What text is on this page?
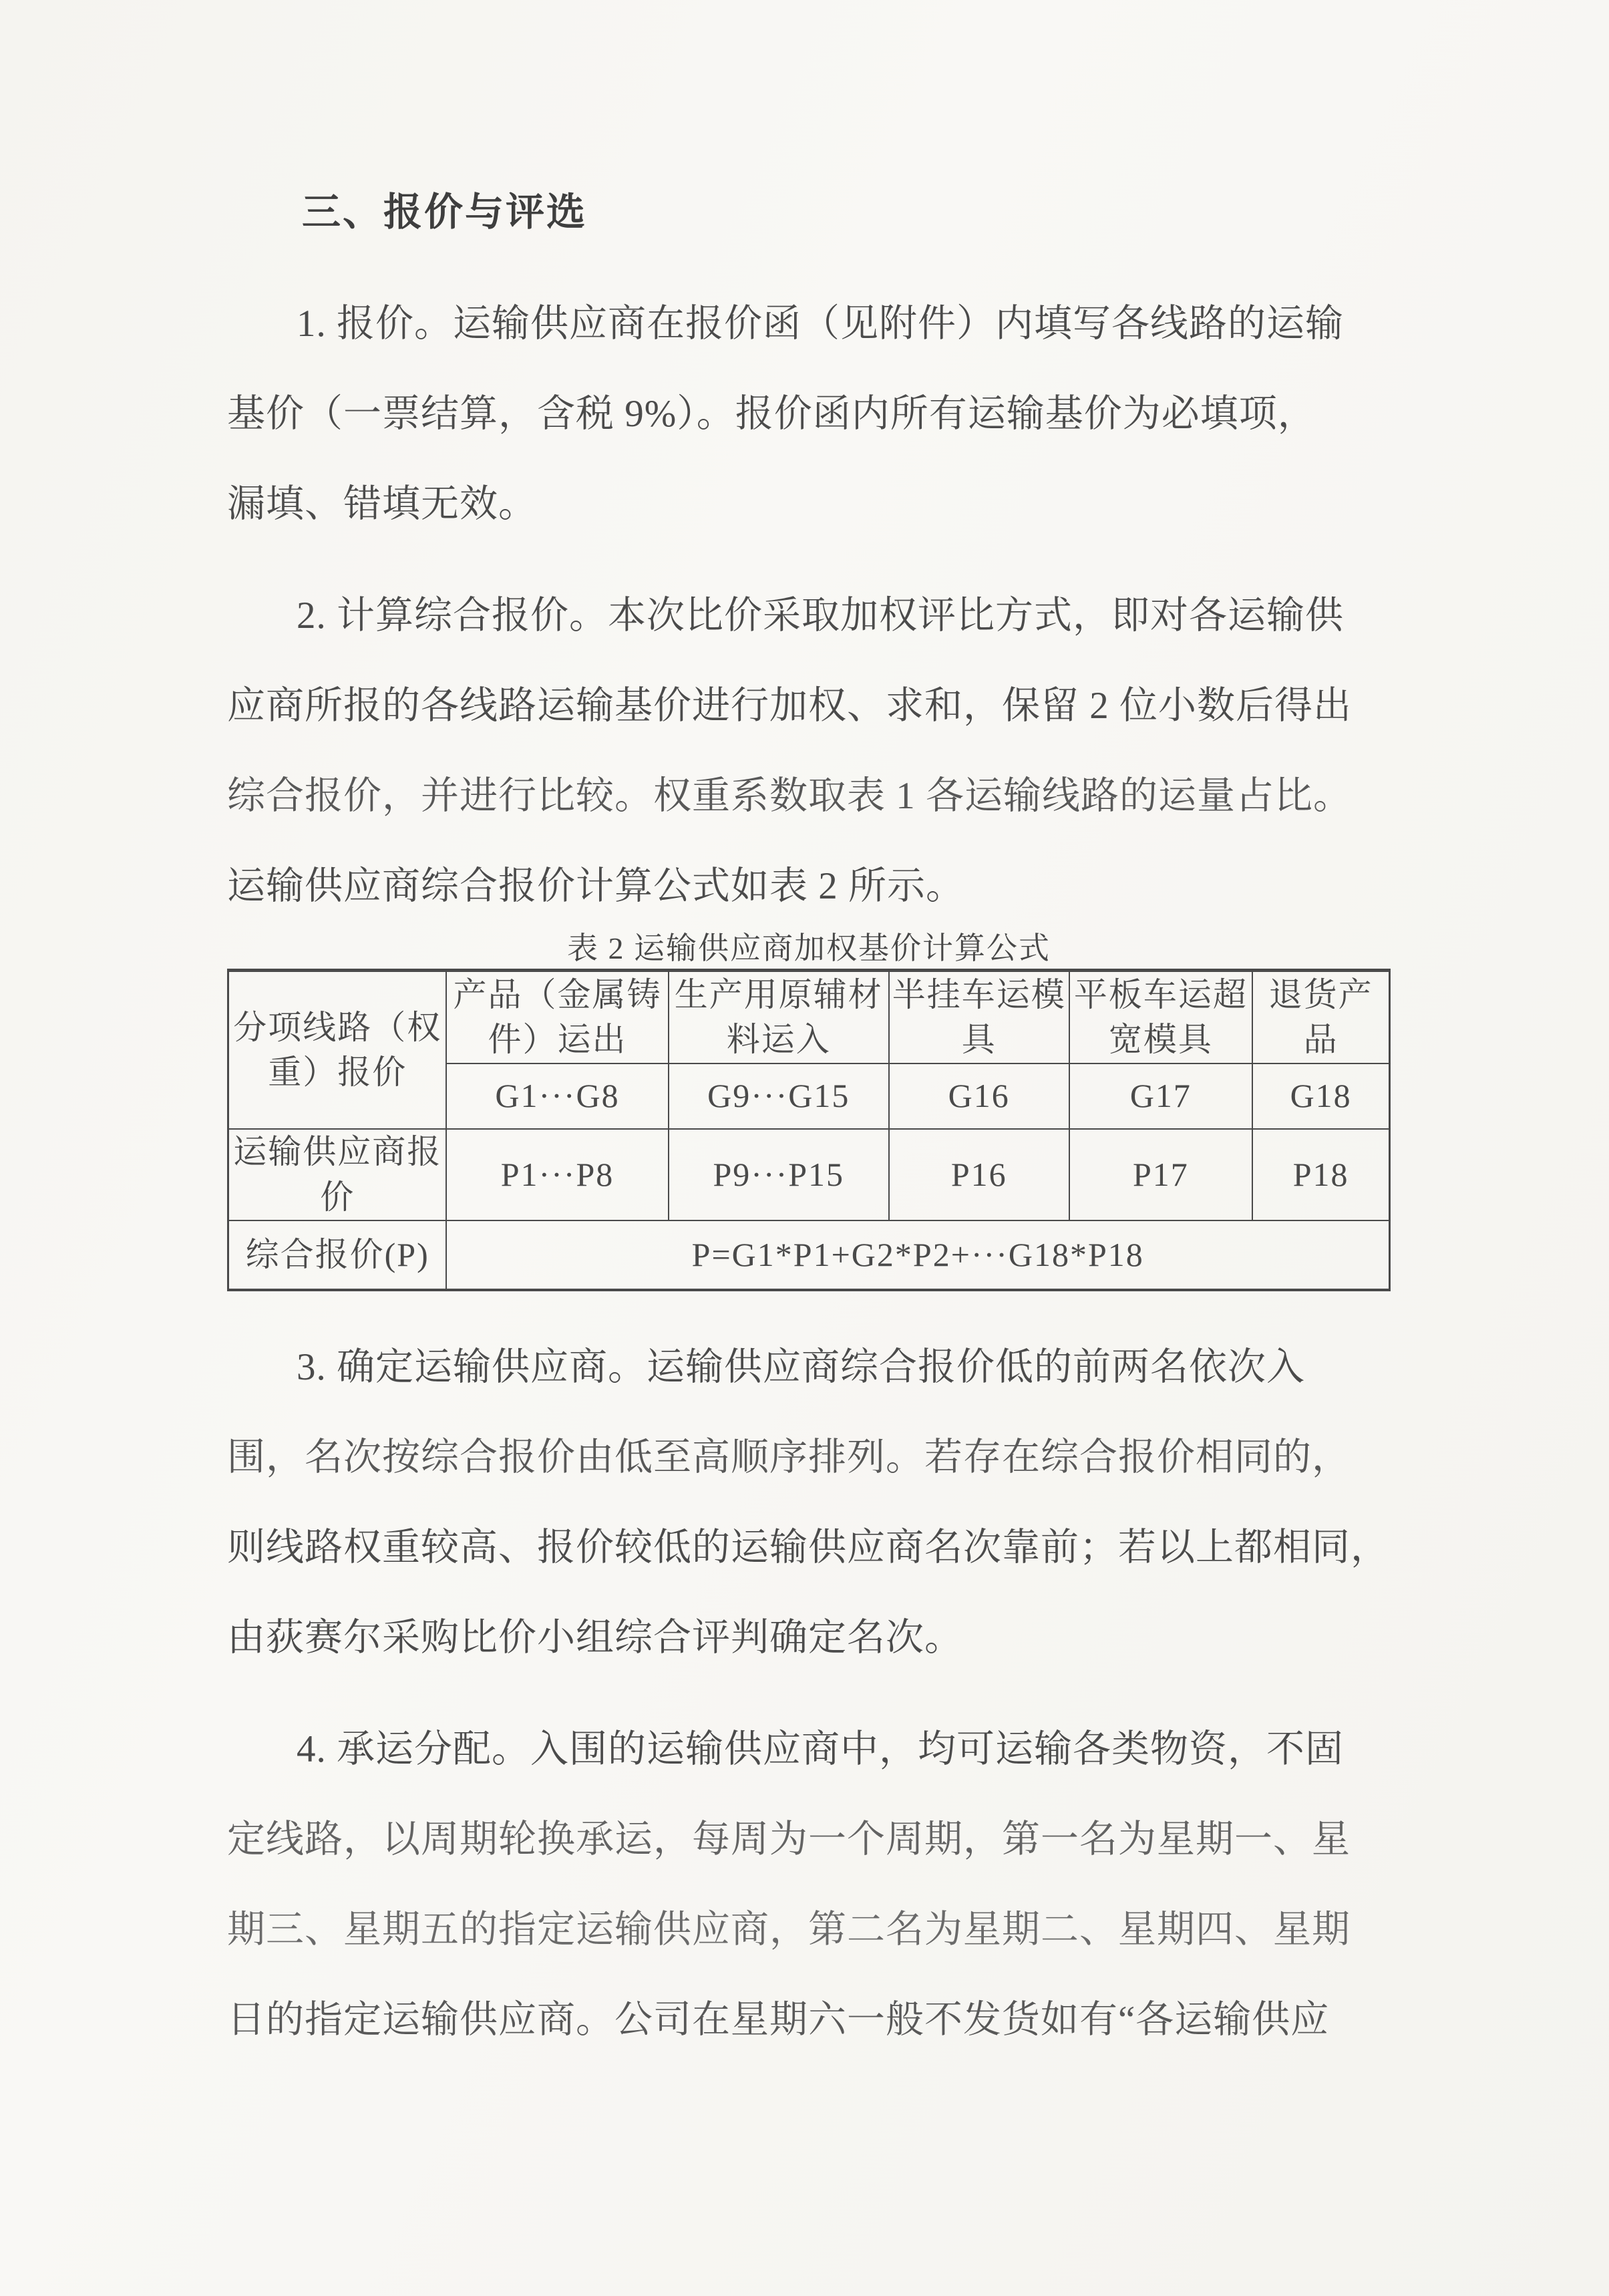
三、报价与评选
1. 报价。运输供应商在报价函（见附件）内填写各线路的运输
基价（一票结算，含税 9%）。报价函内所有运输基价为必填项，
漏填、错填无效。
2. 计算综合报价。本次比价采取加权评比方式，即对各运输供
应商所报的各线路运输基价进行加权、求和，保留 2 位小数后得出
综合报价，并进行比较。权重系数取表 1 各运输线路的运量占比。
运输供应商综合报价计算公式如表 2 所示。
表 2 运输供应商加权基价计算公式
分项线路（权重）报价	产品（金属铸件）运出	生产用原辅材料运入	半挂车运模具	平板车运超宽模具	退货产品
	G1···G8	G9···G15	G16	G17	G18
运输供应商报价	P1···P8	P9···P15	P16	P17	P18
综合报价(P)	P=G1*P1+G2*P2+···G18*P18				
3. 确定运输供应商。运输供应商综合报价低的前两名依次入
围，名次按综合报价由低至高顺序排列。若存在综合报价相同的，
则线路权重较高、报价较低的运输供应商名次靠前；若以上都相同，
由荻赛尔采购比价小组综合评判确定名次。
4. 承运分配。入围的运输供应商中，均可运输各类物资，不固
定线路，以周期轮换承运，每周为一个周期，第一名为星期一、星
期三、星期五的指定运输供应商，第二名为星期二、星期四、星期
日的指定运输供应商。公司在星期六一般不发货如有“各运输供应
